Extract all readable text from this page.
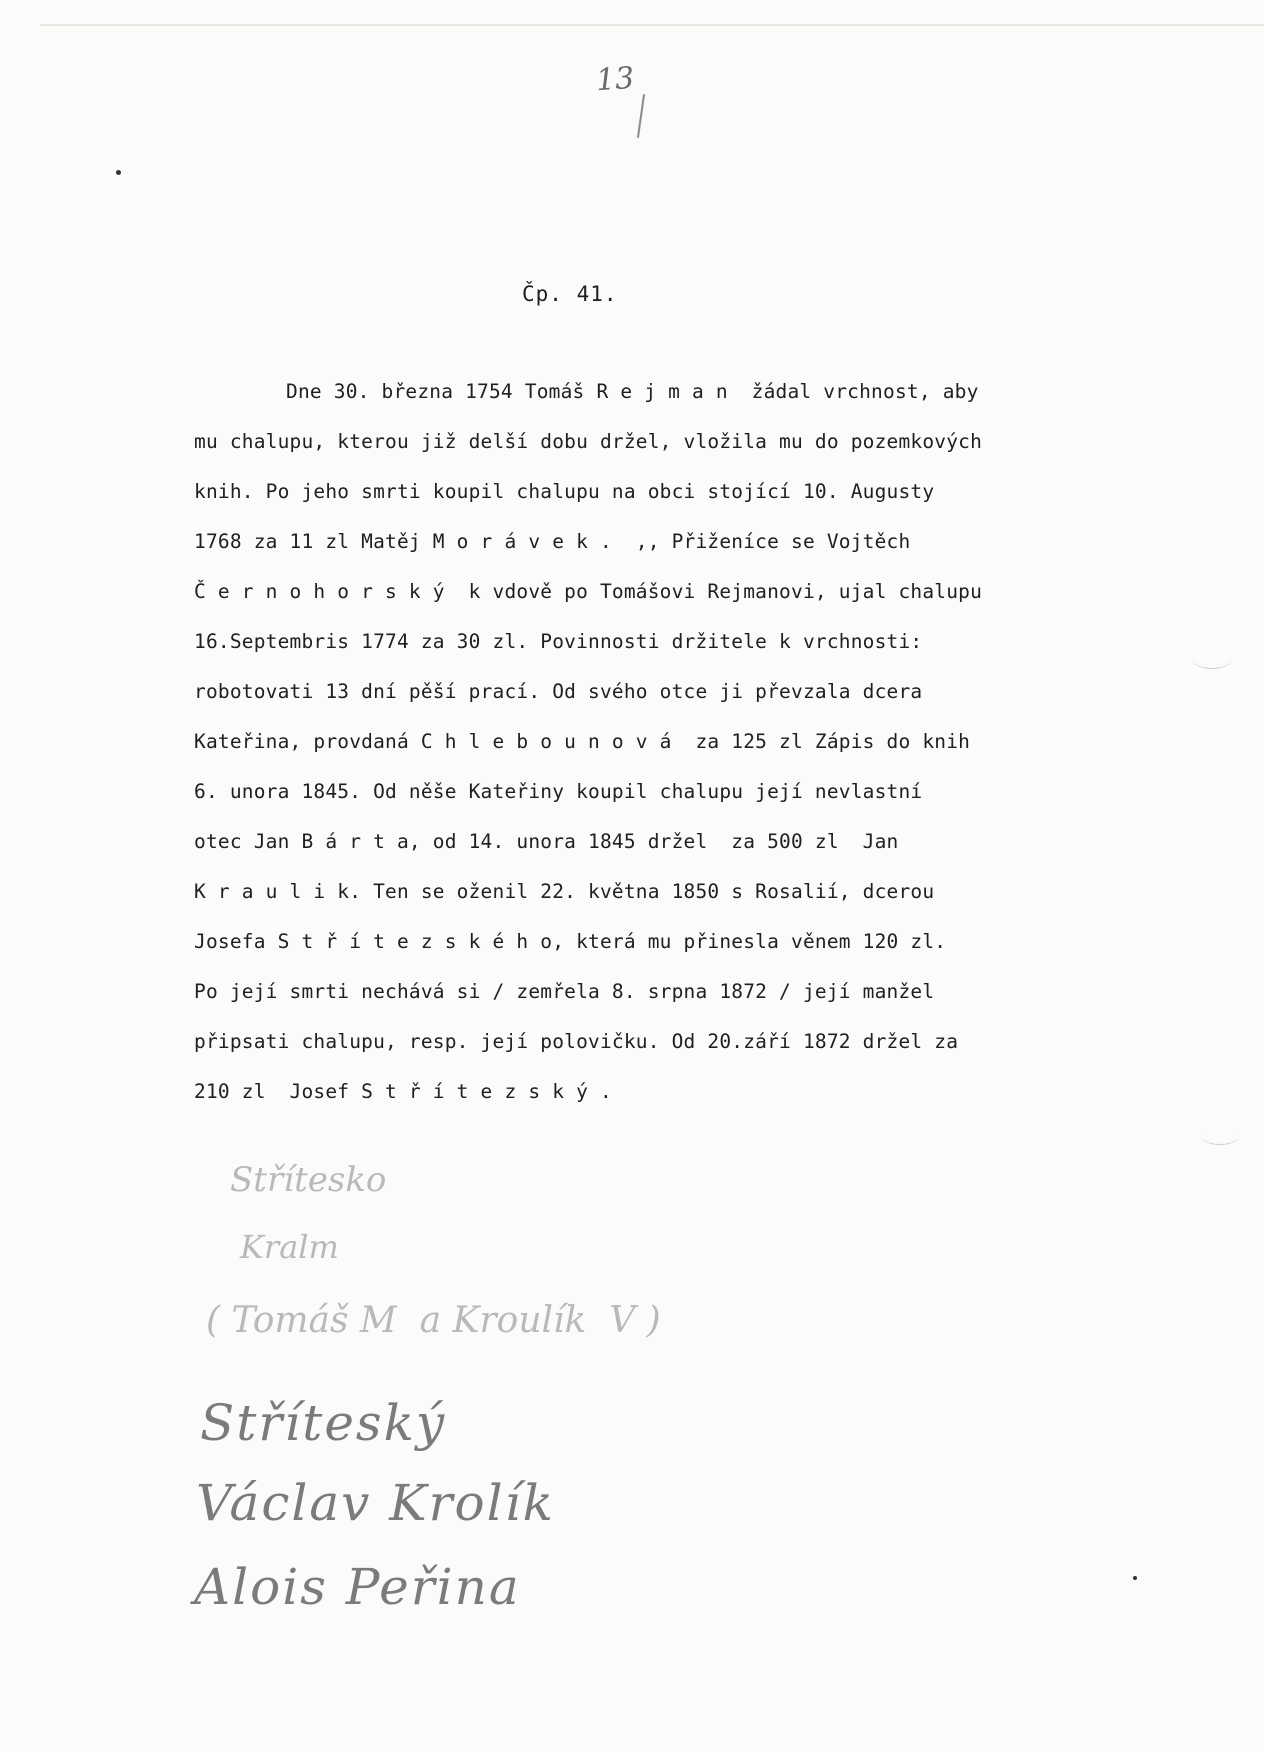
13
Čp. 41.
Dne 30. března 1754 Tomáš R e j m a n  žádal vrchnost, aby
mu chalupu, kterou již delší dobu držel, vložila mu do pozemkových
knih. Po jeho smrti koupil chalupu na obci stojící 10. Augusty
1768 za 11 zl Matěj M o r á v e k .  ,, Přiženíce se Vojtěch
Č e r n o h o r s k ý  k vdově po Tomášovi Rejmanovi, ujal chalupu
16.Septembris 1774 za 30 zl. Povinnosti držitele k vrchnosti:
robotovati 13 dní pěší prací. Od svého otce ji převzala dcera
Kateřina, provdaná C h l e b o u n o v á  za 125 zl Zápis do knih
6. unora 1845. Od něše Kateřiny koupil chalupu její nevlastní
otec Jan B á r t a, od 14. unora 1845 držel  za 500 zl  Jan
K r a u l i k. Ten se oženil 22. května 1850 s Rosalií, dcerou
Josefa S t ř í t e z s k é h o, která mu přinesla věnem 120 zl.
Po její smrti nechává si / zemřela 8. srpna 1872 / její manžel
připsati chalupu, resp. její polovičku. Od 20.září 1872 držel za
210 zl  Josef S t ř í t e z s k ý .
Střítesko
Kralm
( Tomáš M  a Kroulík  V )
Stříteský
Václav Krolík
Alois Peřina
